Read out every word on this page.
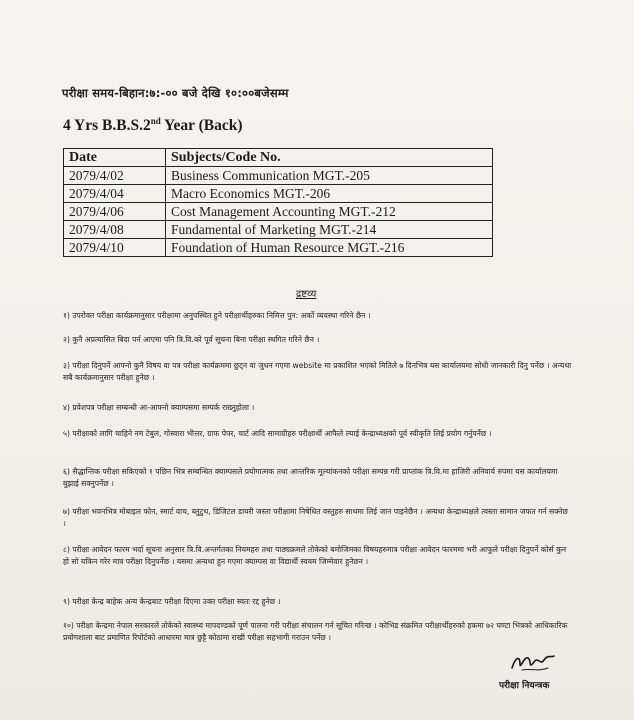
परीक्षा समय-बिहान:७:-०० बजे देखि १०:००बजेसम्म
4 Yrs B.B.S.2nd Year (Back)
Date	Subjects/Code No.
2079/4/02	Business Communication MGT.-205
2079/4/04	Macro Economics MGT.-206
2079/4/06	Cost Management Accounting MGT.-212
2079/4/08	Fundamental of Marketing MGT.-214
2079/4/10	Foundation of Human Resource MGT.-216
द्रष्टव्य

१) उपरोक्त परीक्षा कार्यक्रमानुसार परीक्षामा अनुपस्थित हुने परीक्षार्थीहरुका निमित्त पुन: अर्को व्यवस्था गरिने छैन ।

२) कुनै अप्रत्यासित बिदा पर्न आएमा पनि त्रि.वि.को पूर्व सूचना बिना परीक्षा स्थगित गरिने छैन ।

३) परीक्षा दिनुपर्ने आफ्नो कुनै विषय वा पत्र परीक्षा कार्यक्रममा छुट्न वा जुधन गएमा website मा प्रकाशित भएको मितिले ७ दिनभित्र यस कार्यालयमा सोधी जानकारी दिनु पर्नेछ । अन्यथा सबै कार्यक्रमानुसार परीक्षा हुनेछ ।

४) प्रवेशपत्र परीक्षा सम्बन्धी आ-आफ्नो क्याम्पसमा सम्पर्क राख्नुहोला ।

५) परीक्षाको लागि चाहिने नम टेबुल, गोस्वारा भीत्तर, ग्राफ पेपर, चार्ट आदि सामाग्रीहरु परीक्षार्थी आफैले ल्याई केन्द्राध्यक्षको पूर्व स्वीकृति लिई प्रयोग गर्नुपर्नेछ ।

६) सैद्धान्तिक परीक्षा सकिएको १ पछिन भित्र सम्बन्धित क्याम्पसले प्रयोगात्मक तथा आन्तरिक मूल्यांकनको परीक्षा सम्पन्न गरी प्राप्तांक त्रि.वि.मा हाजिरी अनिवार्य रुपमा यस कार्यालयमा बुझाई सक्नुपर्नेछ ।

७) परीक्षा भवनभित्र मोबाइल फोन, स्मार्ट वाच, ब्लुटुथ, डिजिटल डायरी जस्ता परीक्षामा निषेधित वस्तुहरु साथमा लिई जान पाइनेछैन । अन्यथा केन्द्राध्यक्षले त्यस्ता सामान जफत गर्न सक्नेछ ।

८) परीक्षा आवेदन फारम भर्दा सूचना अनुसार त्रि.वि.अन्तर्गतका नियमहरु तथा पाठ्यक्रमले तोकेको बमोजिमका विषयहरुमात्र परीक्षा आवेदन फारममा भरी आफूले परीक्षा दिनुपर्ने कोर्स कुन हो सो यकिन गरेर मात्र परीक्षा दिनुपर्नेछ । यसमा अन्यथा हुन गएमा क्याम्पस वा विद्यार्थी स्वयम जिम्मेवार हुनेछन ।

९) परीक्षा केन्द्र बाहेक अन्य केन्द्रबाट परीक्षा दिएमा उक्त परीक्षा स्वतः रद्द हुनेछ ।

१०) परीक्षा केन्द्रमा नेपाल सरकारले तोकेको स्वास्थ्य मापदण्डको पूर्ण पालना गरी परीक्षा संचालन गर्न सूचित गरिन्छ । कोभिड संक्रमित परीक्षार्थीहरुको हकमा ७२ घण्टा भित्रको आधिकारिक प्रयोगशाला बाट प्रमाणित रिपोर्टको आधारमा मात्र छुट्टै कोठामा राखी परीक्षा सहभागी गराउन पर्नेछ ।

परीक्षा नियन्त्रक
